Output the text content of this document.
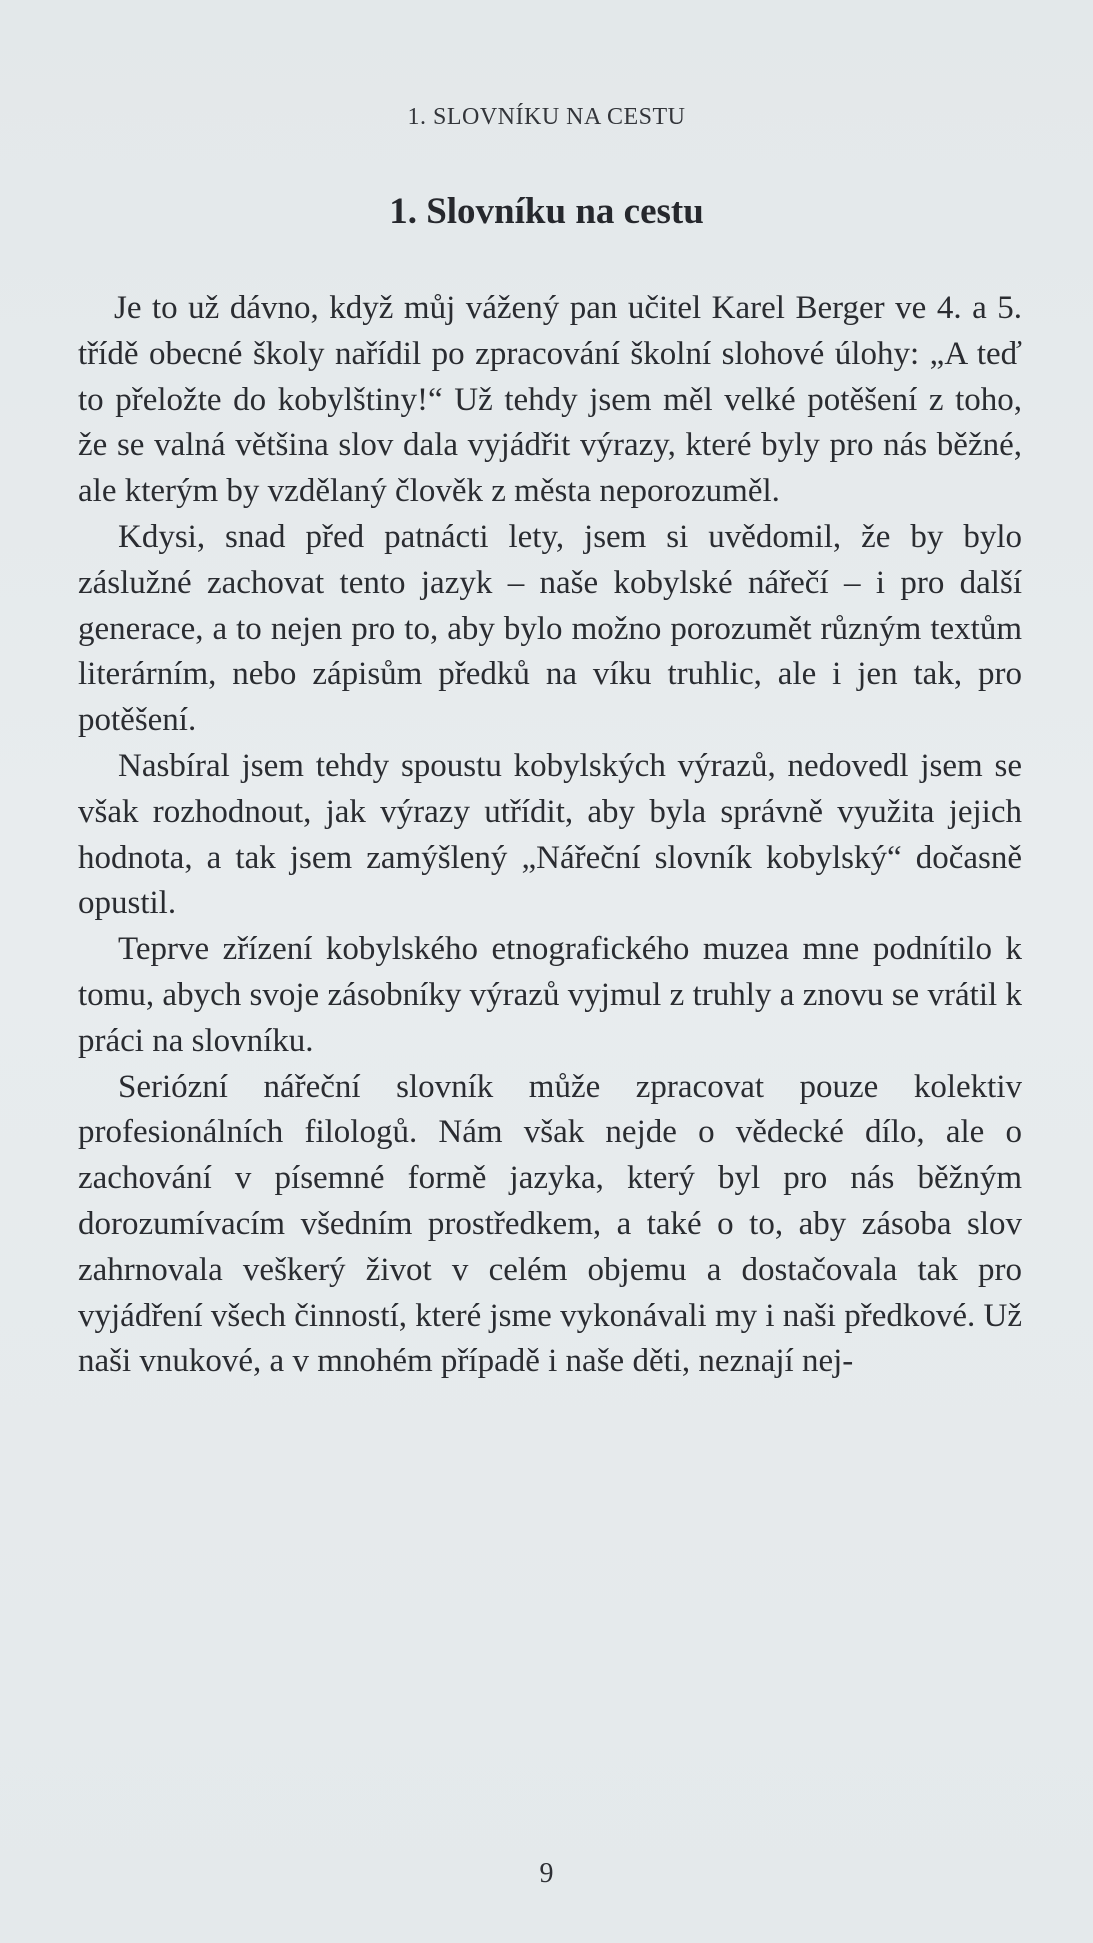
1. SLOVNÍKU NA CESTU
1. Slovníku na cestu

Je to už dávno, když můj vážený pan učitel Karel Berger ve 4. a 5. třídě obecné školy nařídil po zpracování školní slohové úlohy: „A teď to přeložte do kobylštiny!“ Už tehdy jsem měl velké potěšení z toho, že se valná většina slov dala vyjádřit výrazy, které byly pro nás běžné, ale kterým by vzdělaný člověk z města neporozuměl.

Kdysi, snad před patnácti lety, jsem si uvědomil, že by bylo záslužné zachovat tento jazyk – naše kobylské nářečí – i pro další generace, a to nejen pro to, aby bylo možno porozumět různým textům literárním, nebo zápisům předků na víku truhlic, ale i jen tak, pro potěšení.

Nasbíral jsem tehdy spoustu kobylských výrazů, nedovedl jsem se však rozhodnout, jak výrazy utřídit, aby byla správně využita jejich hodnota, a tak jsem zamýšlený „Nářeční slovník kobylský“ dočasně opustil.

Teprve zřízení kobylského etnografického muzea mne podnítilo k tomu, abych svoje zásobníky výrazů vyjmul z truhly a znovu se vrátil k práci na slovníku.

Seriózní nářeční slovník může zpracovat pouze kolektiv profesionálních filologů. Nám však nejde o vědecké dílo, ale o zachování v písemné formě jazyka, který byl pro nás běžným dorozumívacím všedním prostředkem, a také o to, aby zásoba slov zahrnovala veškerý život v celém objemu a dostačovala tak pro vyjádření všech činností, které jsme vykonávali my i naši předkové. Už naši vnukové, a v mnohém případě i naše děti, neznají nej-

9
